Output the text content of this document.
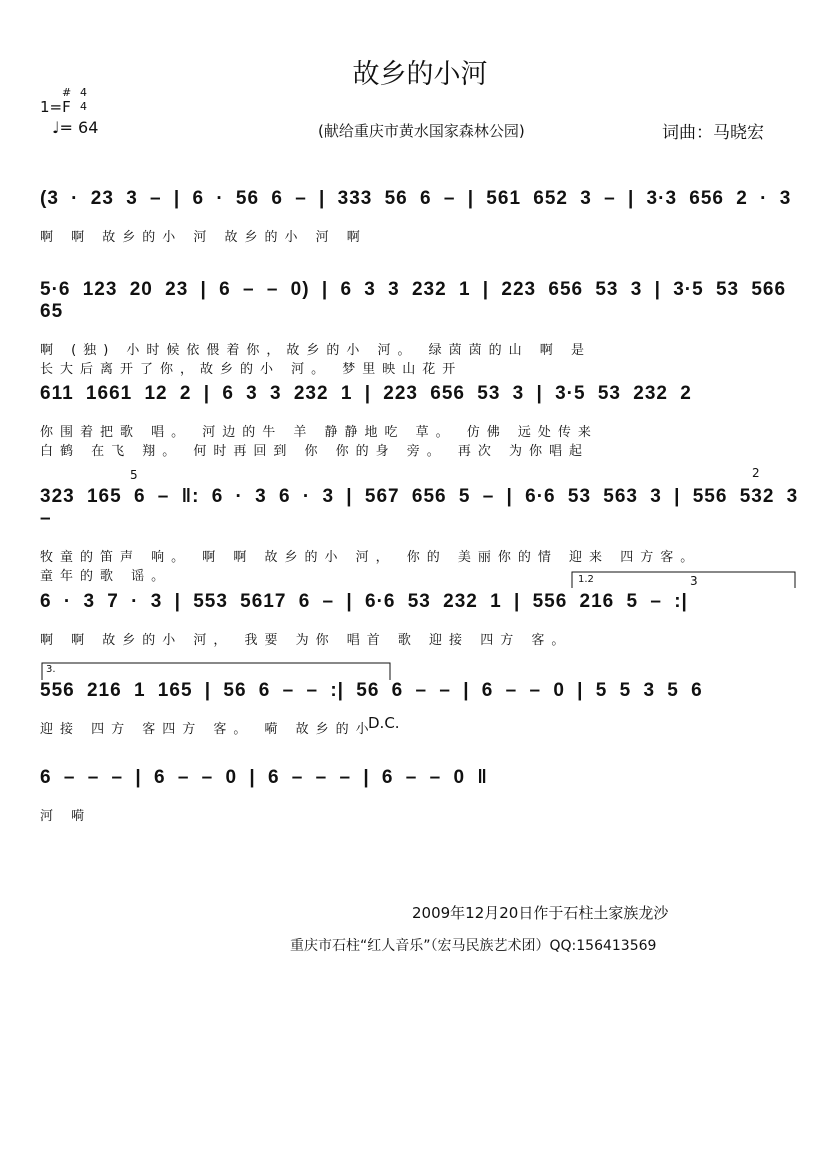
故乡的小河
1=F
# 4
4
♩= 64	(献给重庆市黄水国家森林公园)	词曲：马晓宏
(3 · 23 3 – | 6 · 56 6 – | 333 56 6 – | 561 652 3 – | 3·3 656 2 · 3
啊 啊 故乡的小 河 故乡的小 河 啊
5·6 123 20 23 | 6 – – 0) | 6 3 3 232 1 | 223 656 53 3 | 3·5 53 566 65
啊 (独) 小时候依偎着你，故乡的小 河。 绿茵茵的山 啊 是
长大后离开了你，故乡的小 河。 梦里映山花开
611 1661 12 2 | 6 3 3 232 1 | 223 656 53 3 | 3·5 53 232 2
你围着把歌 唱。 河边的牛 羊 静静地吃 草。 仿佛 远处传来
白鹤 在飞 翔。 何时再回到 你 你的身 旁。 再次 为你唱起
323 165 6 – ‖: 6 · 3 6 · 3 | 567 656 5 – | 6·6 53 563 3 | 556 532 3 –
牧童的笛声 响。 啊 啊 故乡的小 河， 你的 美丽你的情 迎来 四方客。
童年的歌 谣。
5	2
6 · 3 7 · 3 | 553 5617 6 – | 6·6 53 232 1 | 556 216 5 – :|
啊 啊 故乡的小 河， 我要 为你 唱首 歌 迎接 四方 客。
1.2	3
556 216 1 165 | 56 6 – – :| 56 6 – – | 6 – – 0 | 5 5 3 5 6
迎接 四方 客四方 客。 嗬 故乡的小
3.
D.C.
6 – – – | 6 – – 0 | 6 – – – | 6 – – 0 ‖
河 嗬
2009年12月20日作于石柱土家族龙沙
重庆市石柱“红人音乐”（宏马民族艺术团）QQ:156413569
